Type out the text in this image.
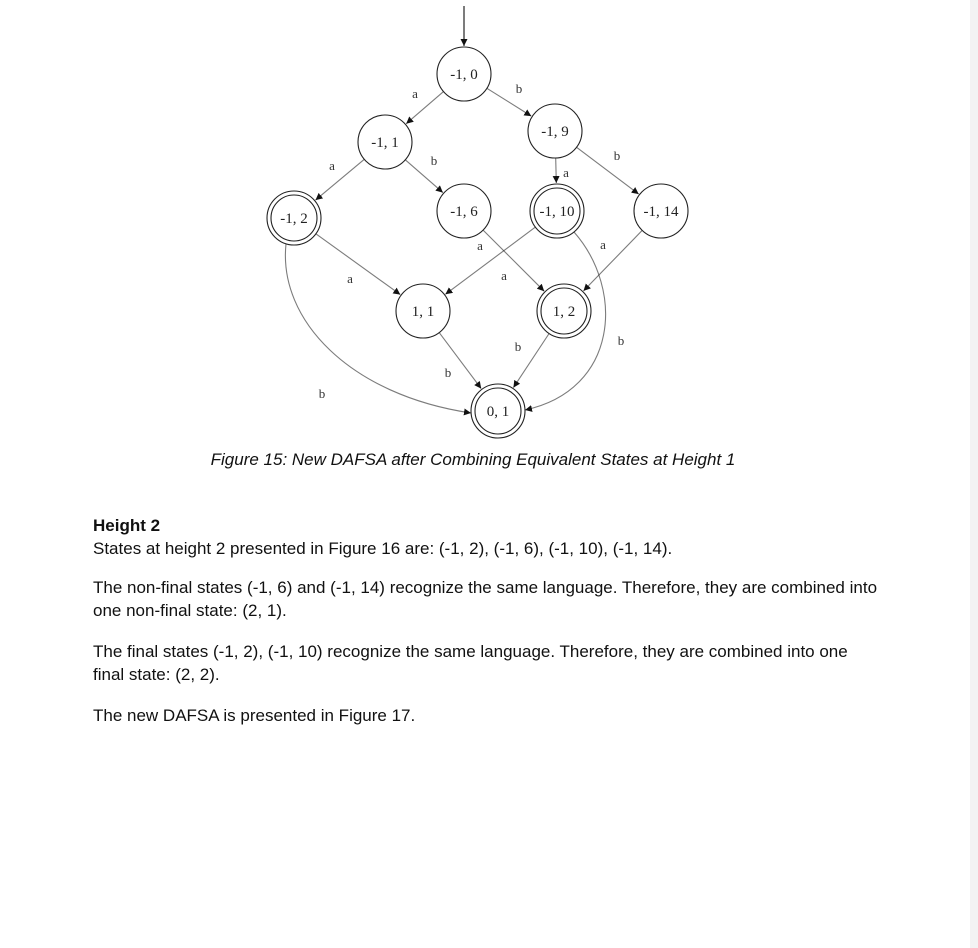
a	b
a	b
a
b
a
b
a
a
b
a
b
b
-1, 0
-1, 1
-1, 9
-1, 2	-1, 6	-1, 10	-1, 14
1, 1	1, 2
0, 1
Figure 15: New DAFSA after Combining Equivalent States at Height 1

Height 2

States at height 2 presented in Figure 16 are: (-1, 2), (-1, 6), (-1, 10), (-1, 14).

The non-final states (-1, 6) and (-1, 14) recognize the same language. Therefore, they are combined into one non-final state: (2, 1).

The final states (-1, 2), (-1, 10) recognize the same language. Therefore, they are combined into one final state: (2, 2).

The new DAFSA is presented in Figure 17.
